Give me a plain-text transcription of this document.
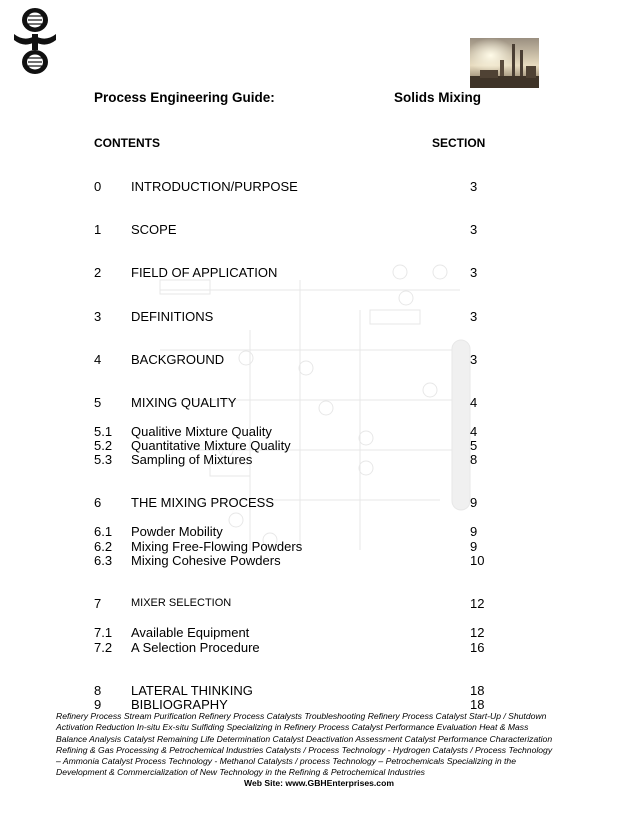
Process Engineering Guide:	Solids Mixing
CONTENTS	SECTION
0 INTRODUCTION/PURPOSE	3
1 SCOPE	3
2 FIELD OF APPLICATION	3
3 DEFINITIONS	3
4 BACKGROUND	3
5 MIXING QUALITY	4
5.1 Qualitive Mixture Quality	4
5.2 Quantitative Mixture Quality	5
5.3 Sampling of Mixtures	8
6 THE MIXING PROCESS	9
6.1 Powder Mobility	9
6.2 Mixing Free-Flowing Powders	9
6.3 Mixing Cohesive Powders	10
7	MIXER SELECTION	12
7.1 Available Equipment	12
7.2 A Selection Procedure	16
8 LATERAL THINKING	18
9 BIBLIOGRAPHY	18
Refinery Process Stream Purification Refinery Process Catalysts Troubleshooting Refinery Process Catalyst Start-Up / Shutdown Activation Reduction In-situ Ex-situ Sulfiding Specializing in Refinery Process Catalyst Performance Evaluation Heat & Mass Balance Analysis Catalyst Remaining Life Determination Catalyst Deactivation Assessment Catalyst Performance Characterization Refining & Gas Processing & Petrochemical Industries Catalysts / Process Technology - Hydrogen Catalysts / Process Technology – Ammonia Catalyst Process Technology - Methanol Catalysts / process Technology – Petrochemicals Specializing in the Development & Commercialization of New Technology in the Refining & Petrochemical Industries
Web Site: www.GBHEnterprises.com
